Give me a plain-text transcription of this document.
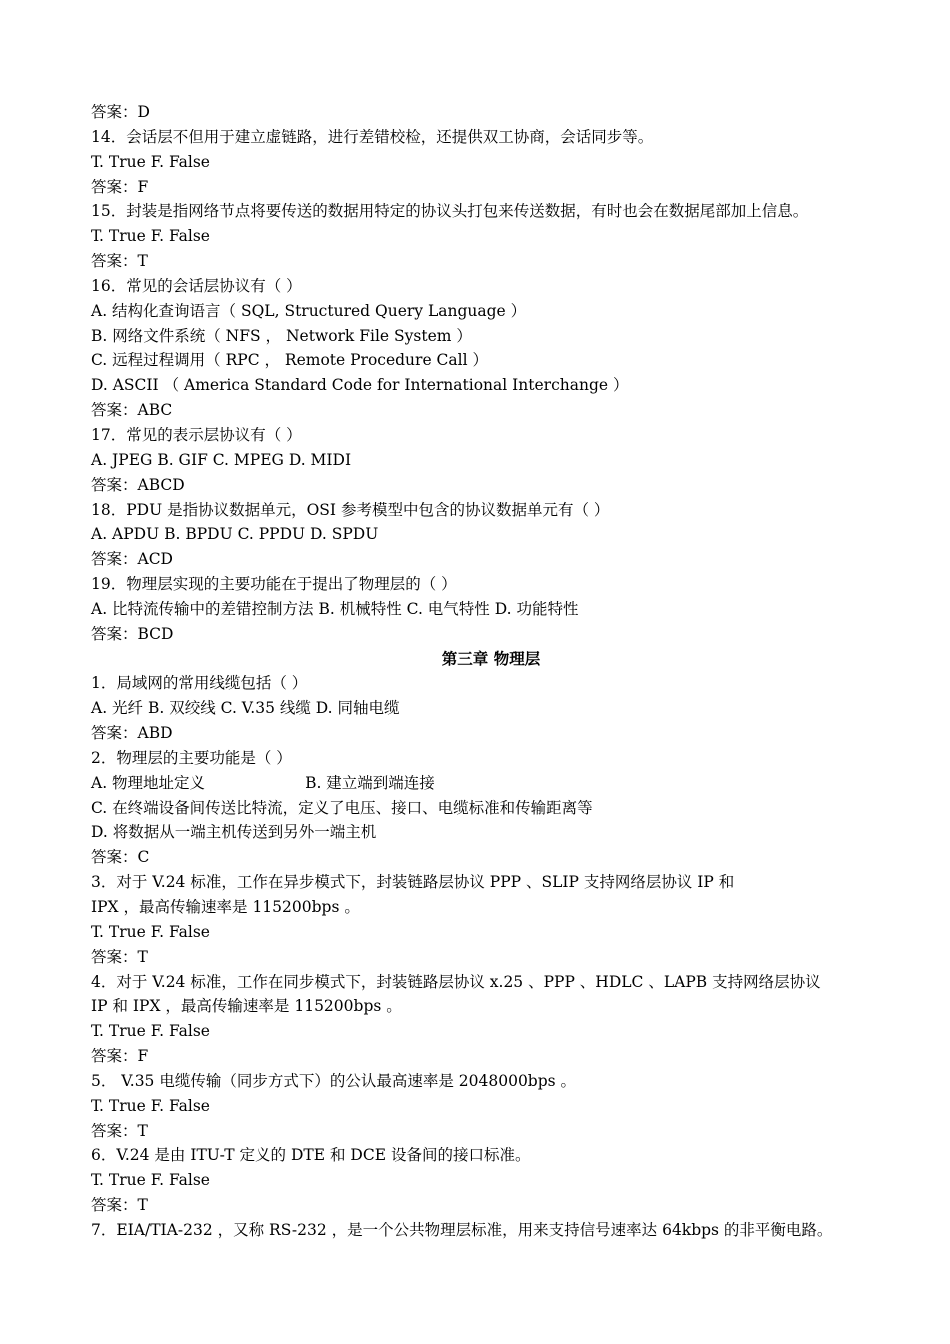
答案：D
14．会话层不但用于建立虚链路，进行差错校检，还提供双工协商，会话同步等。
T. True F. False
答案：F
15．封装是指网络节点将要传送的数据用特定的协议头打包来传送数据，有时也会在数据尾部加上信息。
T. True F. False
答案：T
16．常见的会话层协议有（ ）
A. 结构化查询语言（ SQL, Structured Query Language ）
B. 网络文件系统（ NFS ， Network File System ）
C. 远程过程调用（ RPC ， Remote Procedure Call ）
D. ASCII （ America Standard Code for International Interchange ）
答案：ABC
17．常见的表示层协议有（ ）
A. JPEG B. GIF C. MPEG D. MIDI
答案：ABCD
18．PDU 是指协议数据单元，OSI 参考模型中包含的协议数据单元有（ ）
A. APDU B. BPDU C. PPDU D. SPDU
答案：ACD
19．物理层实现的主要功能在于提出了物理层的（ ）
A. 比特流传输中的差错控制方法 B. 机械特性 C. 电气特性 D. 功能特性
答案：BCD
第三章 物理层
1．局域网的常用线缆包括（ ）
A. 光纤 B. 双绞线 C. V.35 线缆 D. 同轴电缆
答案：ABD
2．物理层的主要功能是（ ）
A. 物理地址定义	B. 建立端到端连接
C. 在终端设备间传送比特流，定义了电压、接口、电缆标准和传输距离等
D. 将数据从一端主机传送到另外一端主机
答案：C
3．对于 V.24 标准，工作在异步模式下，封装链路层协议 PPP 、SLIP 支持网络层协议 IP 和
IPX ，最高传输速率是 115200bps 。
T. True F. False
答案：T
4．对于 V.24 标准，工作在同步模式下，封装链路层协议 x.25 、PPP 、HDLC 、LAPB 支持网络层协议
IP 和 IPX ，最高传输速率是 115200bps 。
T. True F. False
答案：F
5． V.35 电缆传输（同步方式下）的公认最高速率是 2048000bps 。
T. True F. False
答案：T
6．V.24 是由 ITU-T 定义的 DTE 和 DCE 设备间的接口标准。
T. True F. False
答案：T
7．EIA/TIA-232 ，又称 RS-232 ，是一个公共物理层标准，用来支持信号速率达 64kbps 的非平衡电路。
